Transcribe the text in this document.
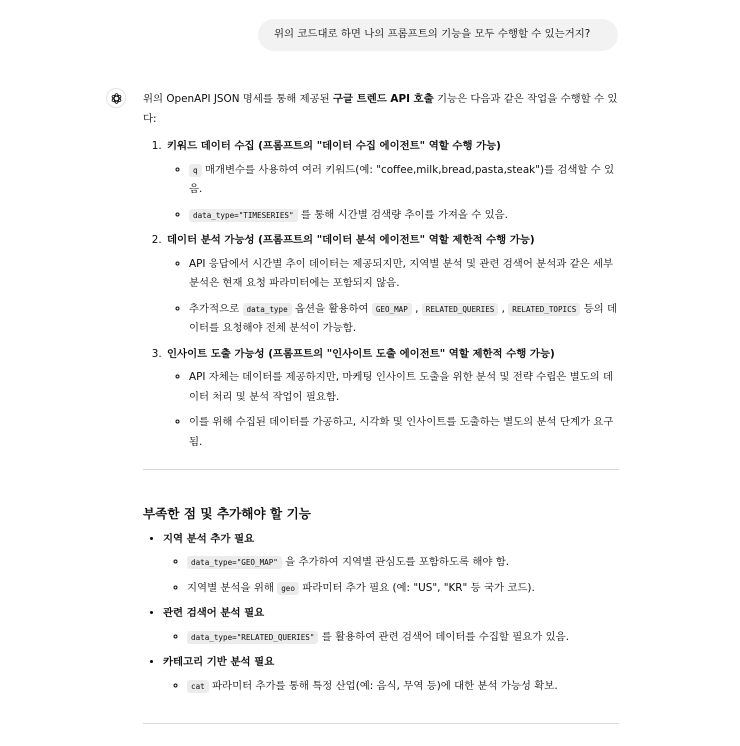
위의 코드대로 하면 나의 프롬프트의 기능을 모두 수행할 수 있는거지?

위의 OpenAPI JSON 명세를 통해 제공된 구글 트렌드 API 호출 기능은 다음과 같은 작업을 수행할 수 있다:

1. 키워드 데이터 수집 (프롬프트의 "데이터 수집 에이전트" 역할 수행 가능)
◦ q 매개변수를 사용하여 여러 키워드(예: "coffee,milk,bread,pasta,steak")를 검색할 수 있음.
◦ data_type="TIMESERIES" 를 통해 시간별 검색량 추이를 가져올 수 있음.
2. 데이터 분석 가능성 (프롬프트의 "데이터 분석 에이전트" 역할 제한적 수행 가능)
◦ API 응답에서 시간별 추이 데이터는 제공되지만, 지역별 분석 및 관련 검색어 분석과 같은 세부 분석은 현재 요청 파라미터에는 포함되지 않음.
◦ 추가적으로 data_type 옵션을 활용하여 GEO_MAP , RELATED_QUERIES , RELATED_TOPICS 등의 데이터를 요청해야 전체 분석이 가능함.
3. 인사이트 도출 가능성 (프롬프트의 "인사이트 도출 에이전트" 역할 제한적 수행 가능)
◦ API 자체는 데이터를 제공하지만, 마케팅 인사이트 도출을 위한 분석 및 전략 수립은 별도의 데이터 처리 및 분석 작업이 필요함.
◦ 이를 위해 수집된 데이터를 가공하고, 시각화 및 인사이트를 도출하는 별도의 분석 단계가 요구됨.
부족한 점 및 추가해야 할 기능
• 지역 분석 추가 필요
◦ data_type="GEO_MAP" 을 추가하여 지역별 관심도를 포함하도록 해야 함.
◦ 지역별 분석을 위해 geo 파라미터 추가 필요 (예: "US", "KR" 등 국가 코드).
• 관련 검색어 분석 필요
◦ data_type="RELATED_QUERIES" 를 활용하여 관련 검색어 데이터를 수집할 필요가 있음.
• 카테고리 기반 분석 필요
◦ cat 파라미터 추가를 통해 특정 산업(예: 음식, 무역 등)에 대한 분석 가능성 확보.
